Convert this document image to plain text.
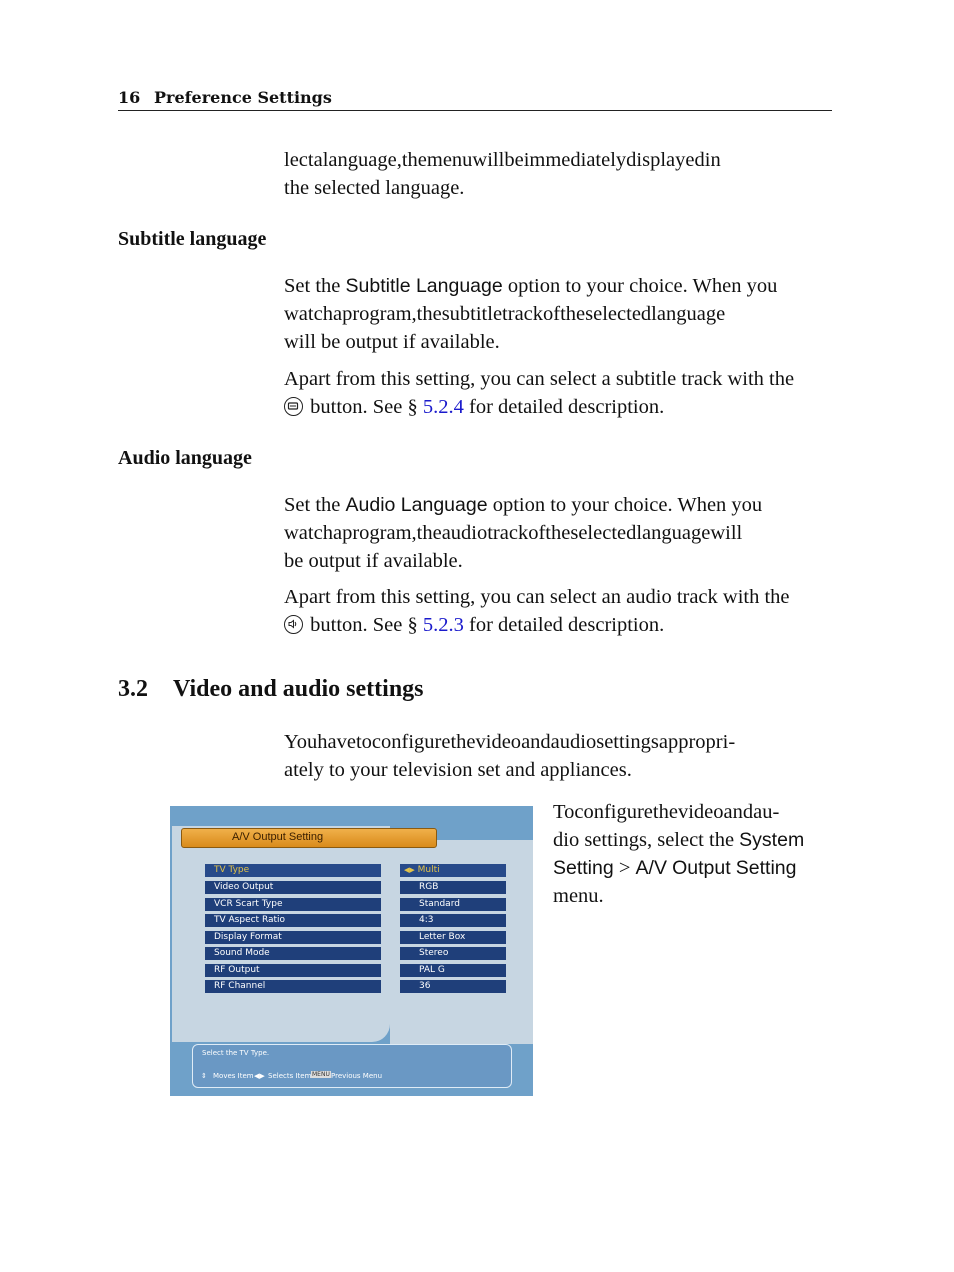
16 Preference Settings
lectalanguage,themenuwillbeimmediatelydisplayedin
the selected language.
Subtitle language
Set the Subtitle Language option to your choice. When you
watchaprogram,thesubtitletrackoftheselectedlanguage
will be output if available.
Apart from this setting, you can select a subtitle track with the
button. See § 5.2.4 for detailed description.
Audio language
Set the Audio Language option to your choice. When you
watchaprogram,theaudiotrackoftheselectedlanguagewill
be output if available.
Apart from this setting, you can select an audio track with the
button. See § 5.2.3 for detailed description.
3.2 Video and audio settings
Youhavetoconfigurethevideoandaudiosettingsappropri-
ately to your television set and appliances.
Toconfigurethevideoandau-
dio settings, select the System
Setting > A/V Output Setting
menu.
A/V Output Setting
TV Type
Video Output
VCR Scart Type
TV Aspect Ratio
Display Format
Sound Mode
RF Output
RF Channel
◀▶ Multi
RGB
Standard
4:3
Letter Box
Stereo
PAL G
36
Select the TV Type.
⇕ Moves Item ◀▶ Selects Item MENU Previous Menu
